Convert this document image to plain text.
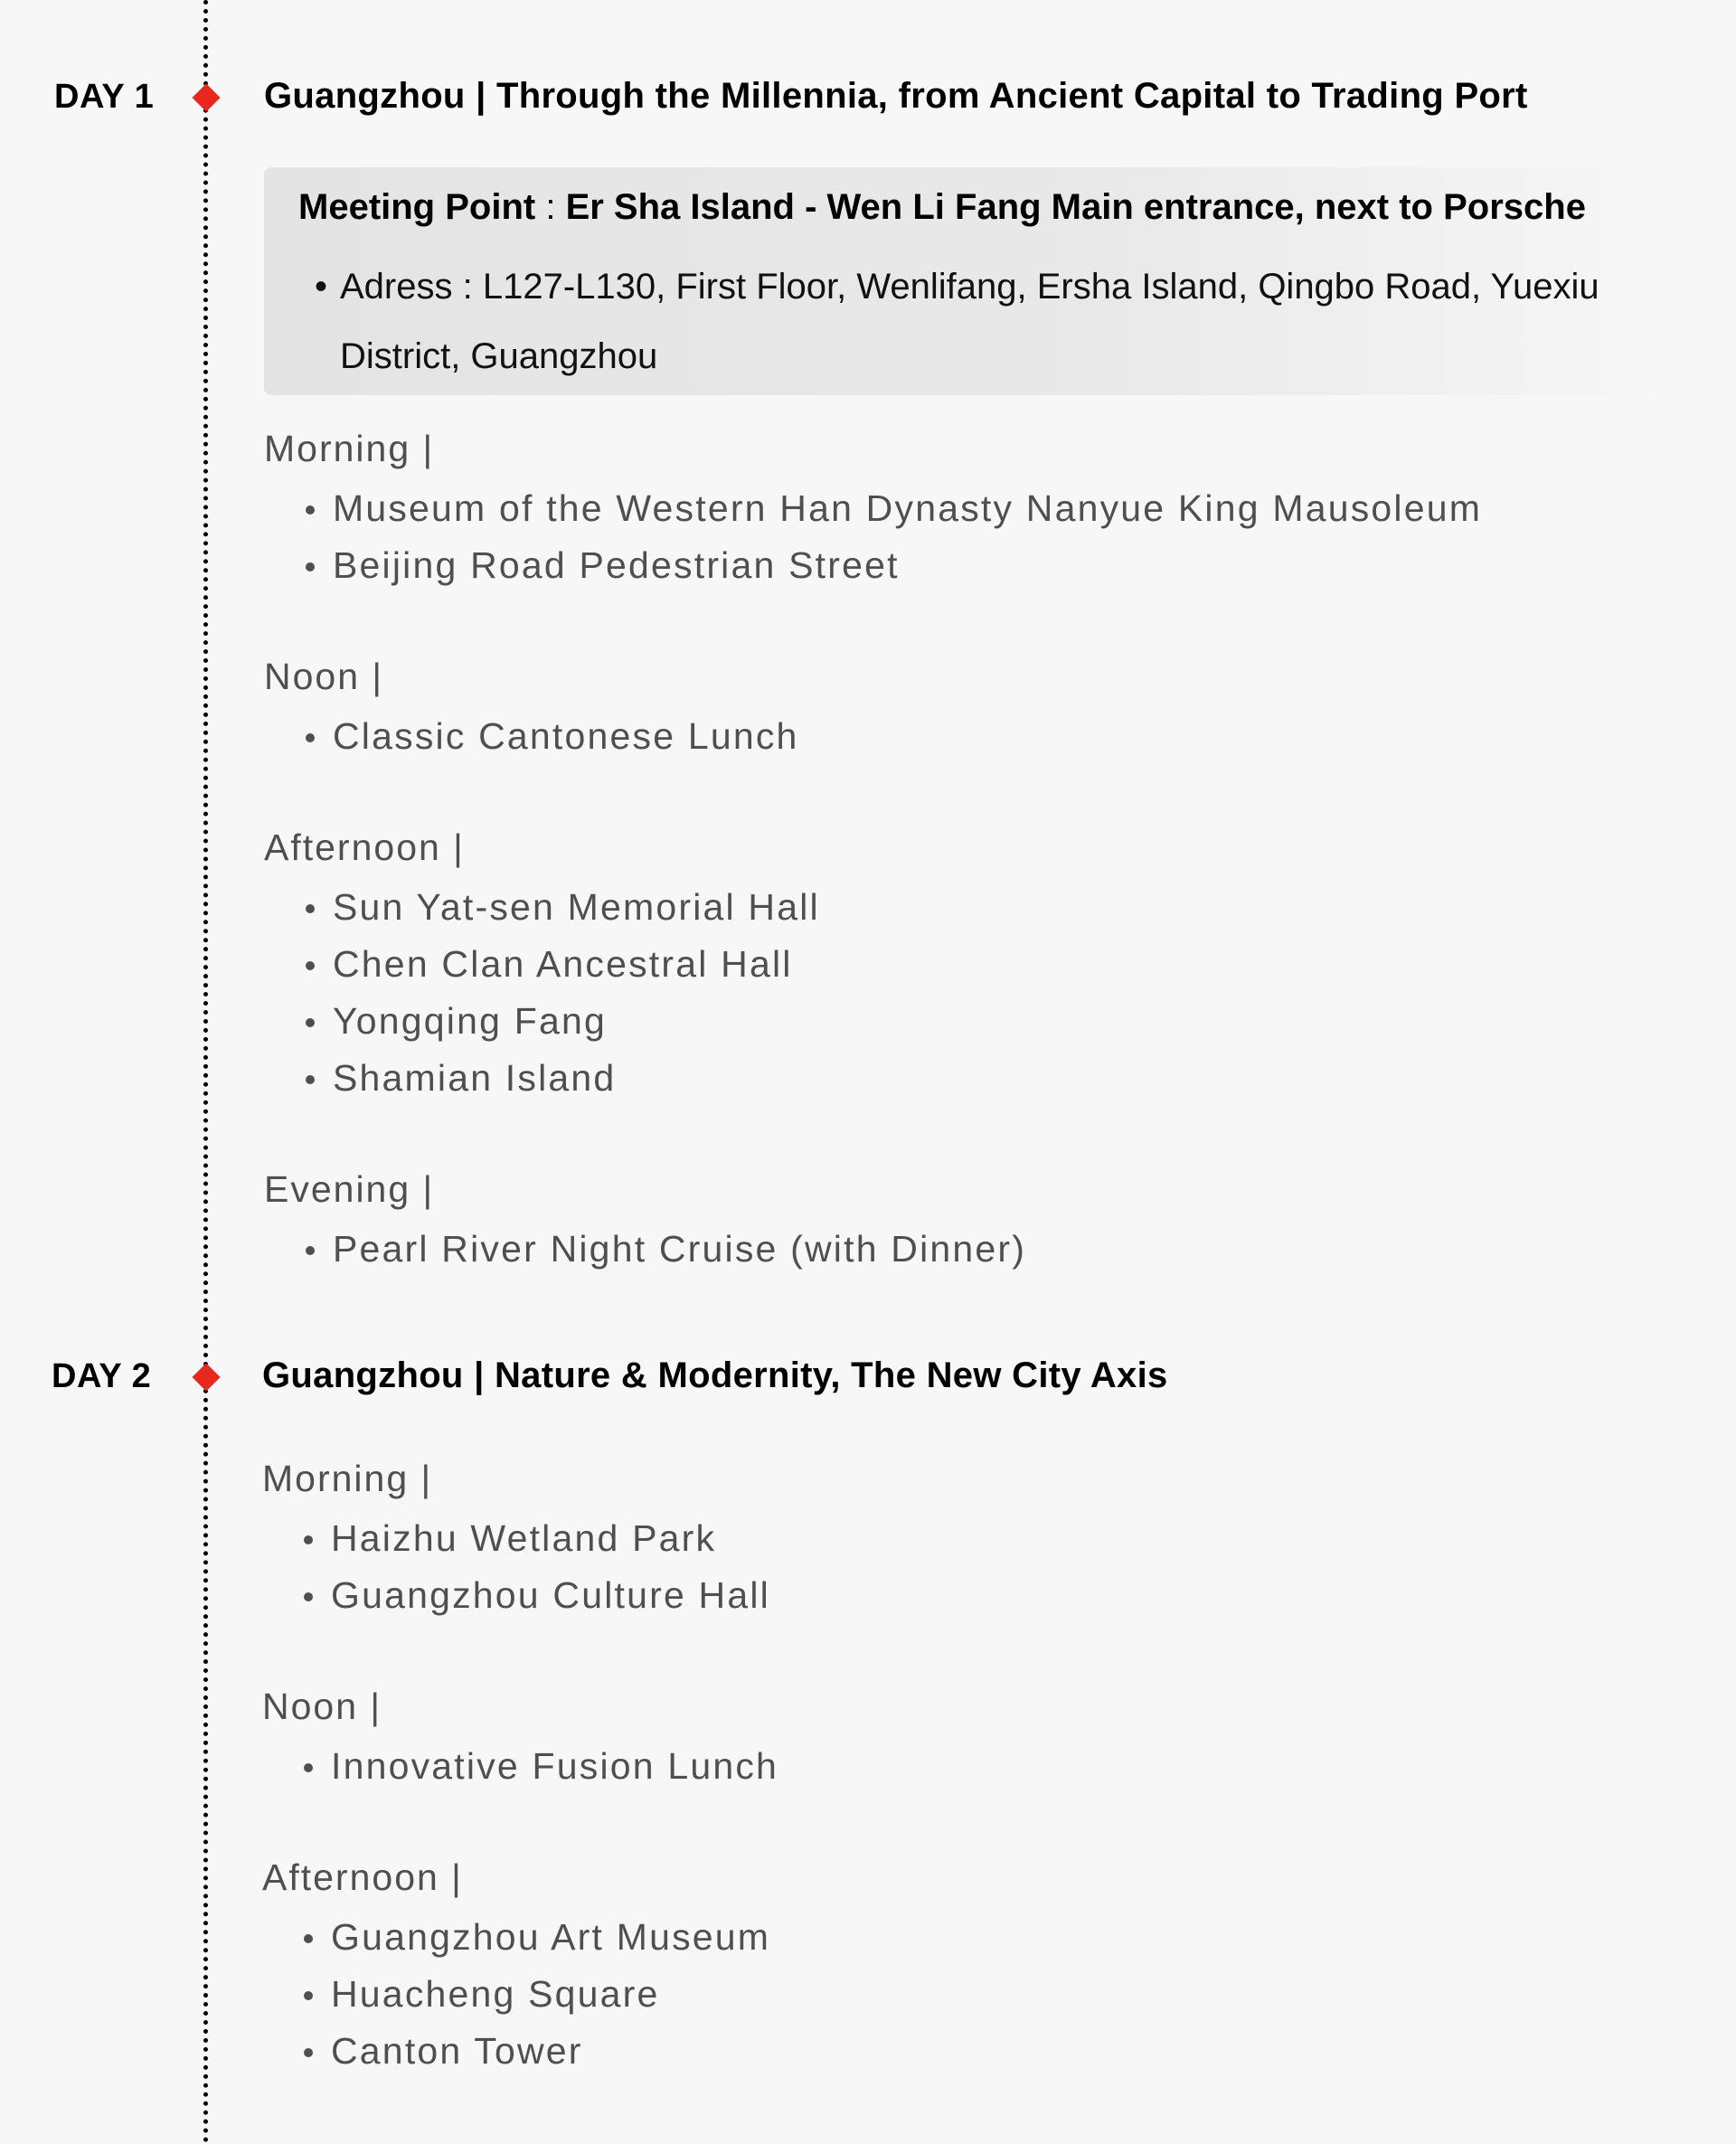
DAY 1	Guangzhou | Through the Millennia, from Ancient Capital to Trading Port
Meeting Point : Er Sha Island - Wen Li Fang Main entrance, next to Porsche
• Adress : L127-L130, First Floor, Wenlifang, Ersha Island, Qingbo Road, Yuexiu District, Guangzhou
Morning |
Museum of the Western Han Dynasty Nanyue King Mausoleum
Beijing Road Pedestrian Street
Noon |
Classic Cantonese Lunch
Afternoon |
Sun Yat-sen Memorial Hall
Chen Clan Ancestral Hall
Yongqing Fang
Shamian Island
Evening |
Pearl River Night Cruise (with Dinner)
DAY 2	Guangzhou | Nature & Modernity, The New City Axis
Morning |
Haizhu Wetland Park
Guangzhou Culture Hall
Noon |
Innovative Fusion Lunch
Afternoon |
Guangzhou Art Museum
Huacheng Square
Canton Tower
